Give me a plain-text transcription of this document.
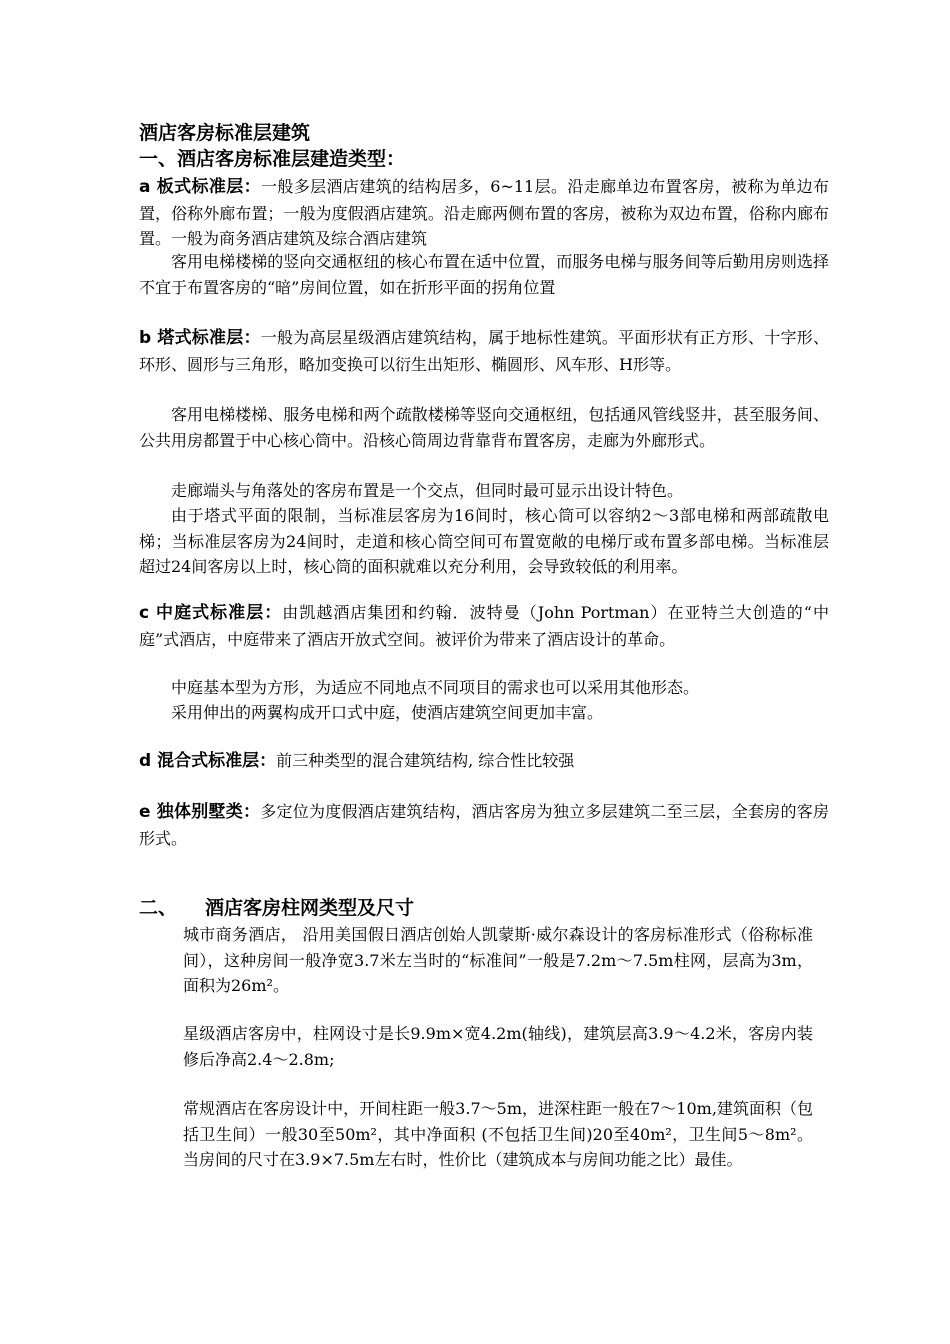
酒店客房标准层建筑
一、酒店客房标准层建造类型：

a 板式标准层：一般多层酒店建筑的结构居多，6~11层。沿走廊单边布置客房，被称为单边布置，俗称外廊布置；一般为度假酒店建筑。沿走廊两侧布置的客房，被称为双边布置，俗称内廊布置。一般为商务酒店建筑及综合酒店建筑

客用电梯楼梯的竖向交通枢纽的核心布置在适中位置，而服务电梯与服务间等后勤用房则选择不宜于布置客房的“暗”房间位置，如在折形平面的拐角位置

b 塔式标准层：一般为高层星级酒店建筑结构，属于地标性建筑。平面形状有正方形、十字形、环形、圆形与三角形，略加变换可以衍生出矩形、椭圆形、风车形、H形等。

客用电梯楼梯、服务电梯和两个疏散楼梯等竖向交通枢纽，包括通风管线竖井，甚至服务间、公共用房都置于中心核心筒中。沿核心筒周边背靠背布置客房，走廊为外廊形式。

走廊端头与角落处的客房布置是一个交点，但同时最可显示出设计特色。

由于塔式平面的限制，当标准层客房为16间时，核心筒可以容纳2～3部电梯和两部疏散电梯；当标准层客房为24间时，走道和核心筒空间可布置宽敞的电梯厅或布置多部电梯。当标准层超过24间客房以上时，核心筒的面积就难以充分利用，会导致较低的利用率。

c 中庭式标准层：由凯越酒店集团和约翰．波特曼（John Portman）在亚特兰大创造的“中庭”式酒店，中庭带来了酒店开放式空间。被评价为带来了酒店设计的革命。

中庭基本型为方形，为适应不同地点不同项目的需求也可以采用其他形态。

采用伸出的两翼构成开口式中庭，使酒店建筑空间更加丰富。

d 混合式标准层：前三种类型的混合建筑结构, 综合性比较强

e 独体别墅类：多定位为度假酒店建筑结构，酒店客房为独立多层建筑二至三层，全套房的客房形式。

二、 酒店客房柱网类型及尺寸

城市商务酒店， 沿用美国假日酒店创始人凯蒙斯·威尔森设计的客房标准形式（俗称标准间），这种房间一般净宽3.7米左当时的“标准间”一般是7.2m～7.5m柱网，层高为3m，面积为26m²。

星级酒店客房中，柱网设寸是长9.9m×宽4.2m(轴线)，建筑层高3.9～4.2米，客房内装修后净高2.4～2.8m;

常规酒店在客房设计中，开间柱距一般3.7～5m，进深柱距一般在7～10m,建筑面积（包括卫生间）一般30至50m²，其中净面积 (不包括卫生间)20至40m²，卫生间5～8m²。当房间的尺寸在3.9×7.5m左右时，性价比（建筑成本与房间功能之比）最佳。
